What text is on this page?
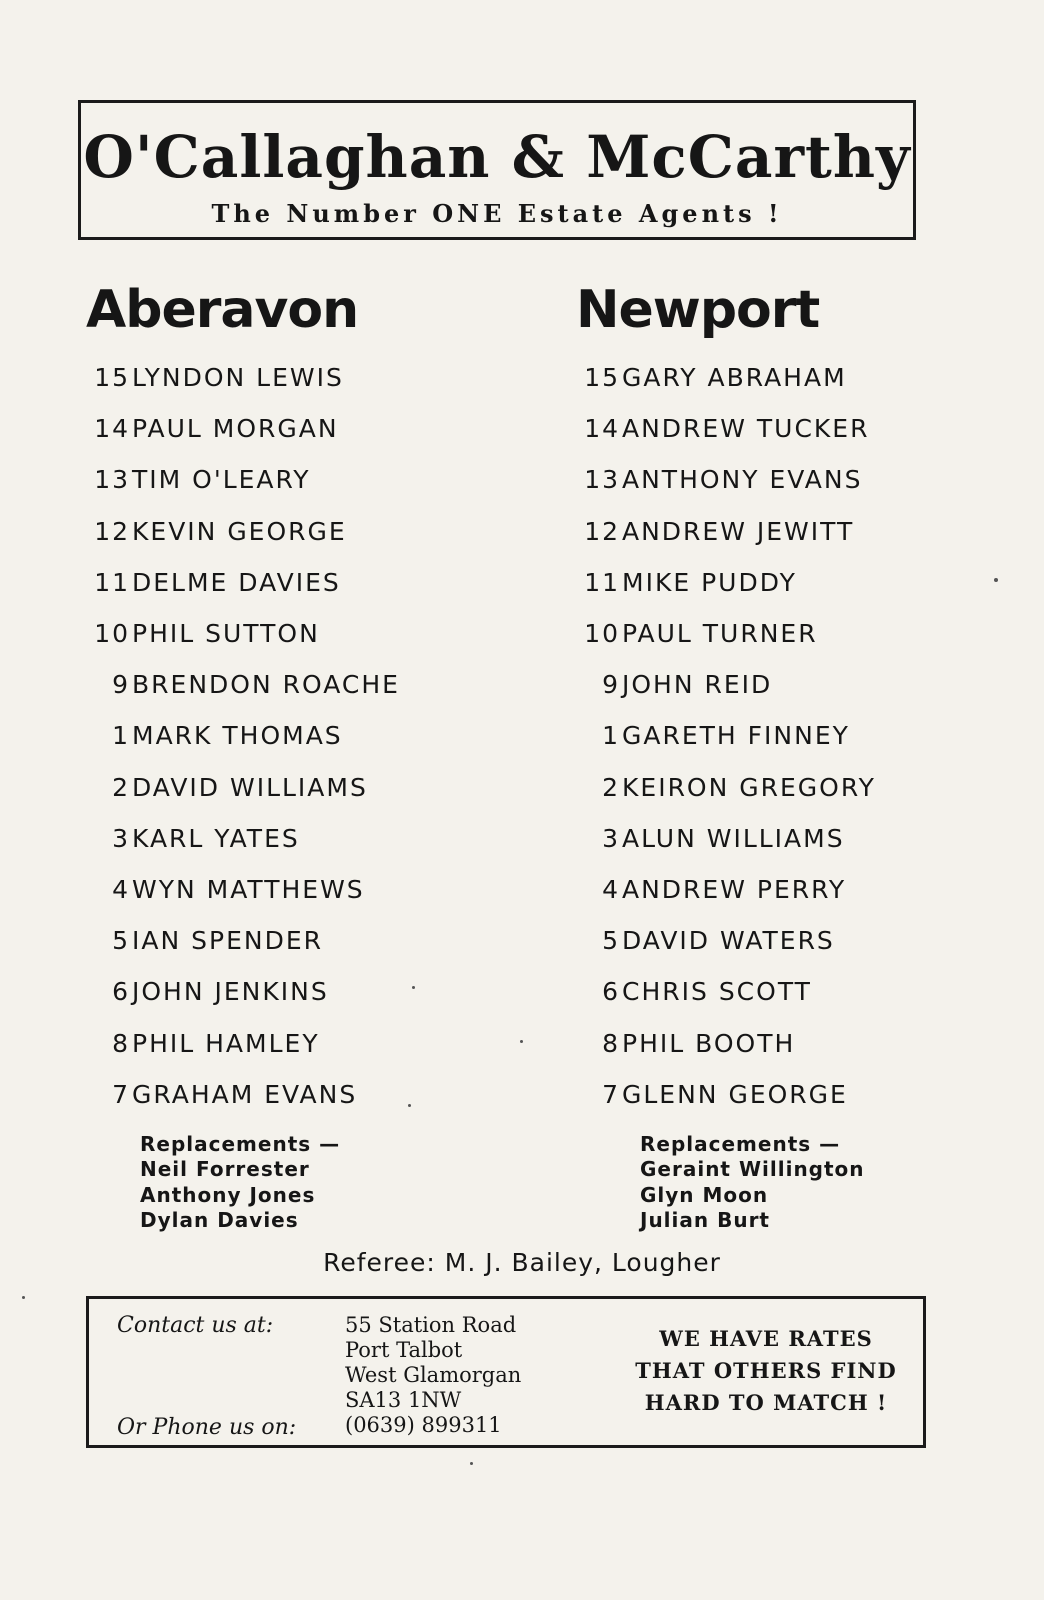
O'Callaghan & McCarthy
The Number ONE Estate Agents !
Aberavon
15 LYNDON LEWIS
14 PAUL MORGAN
13 TIM O'LEARY
12 KEVIN GEORGE
11 DELME DAVIES
10 PHIL SUTTON
9 BRENDON ROACHE
1 MARK THOMAS
2 DAVID WILLIAMS
3 KARL YATES
4 WYN MATTHEWS
5 IAN SPENDER
6 JOHN JENKINS
8 PHIL HAMLEY
7 GRAHAM EVANS
Replacements —
Neil Forrester
Anthony Jones
Dylan Davies
Newport
15 GARY ABRAHAM
14 ANDREW TUCKER
13 ANTHONY EVANS
12 ANDREW JEWITT
11 MIKE PUDDY
10 PAUL TURNER
9 JOHN REID
1 GARETH FINNEY
2 KEIRON GREGORY
3 ALUN WILLIAMS
4 ANDREW PERRY
5 DAVID WATERS
6 CHRIS SCOTT
8 PHIL BOOTH
7 GLENN GEORGE
Replacements —
Geraint Willington
Glyn Moon
Julian Burt
Referee: M. J. Bailey, Lougher
Contact us at:
Or Phone us on:
55 Station Road
Port Talbot
West Glamorgan
SA13 1NW
(0639) 899311
WE HAVE RATES
THAT OTHERS FIND
HARD TO MATCH !
